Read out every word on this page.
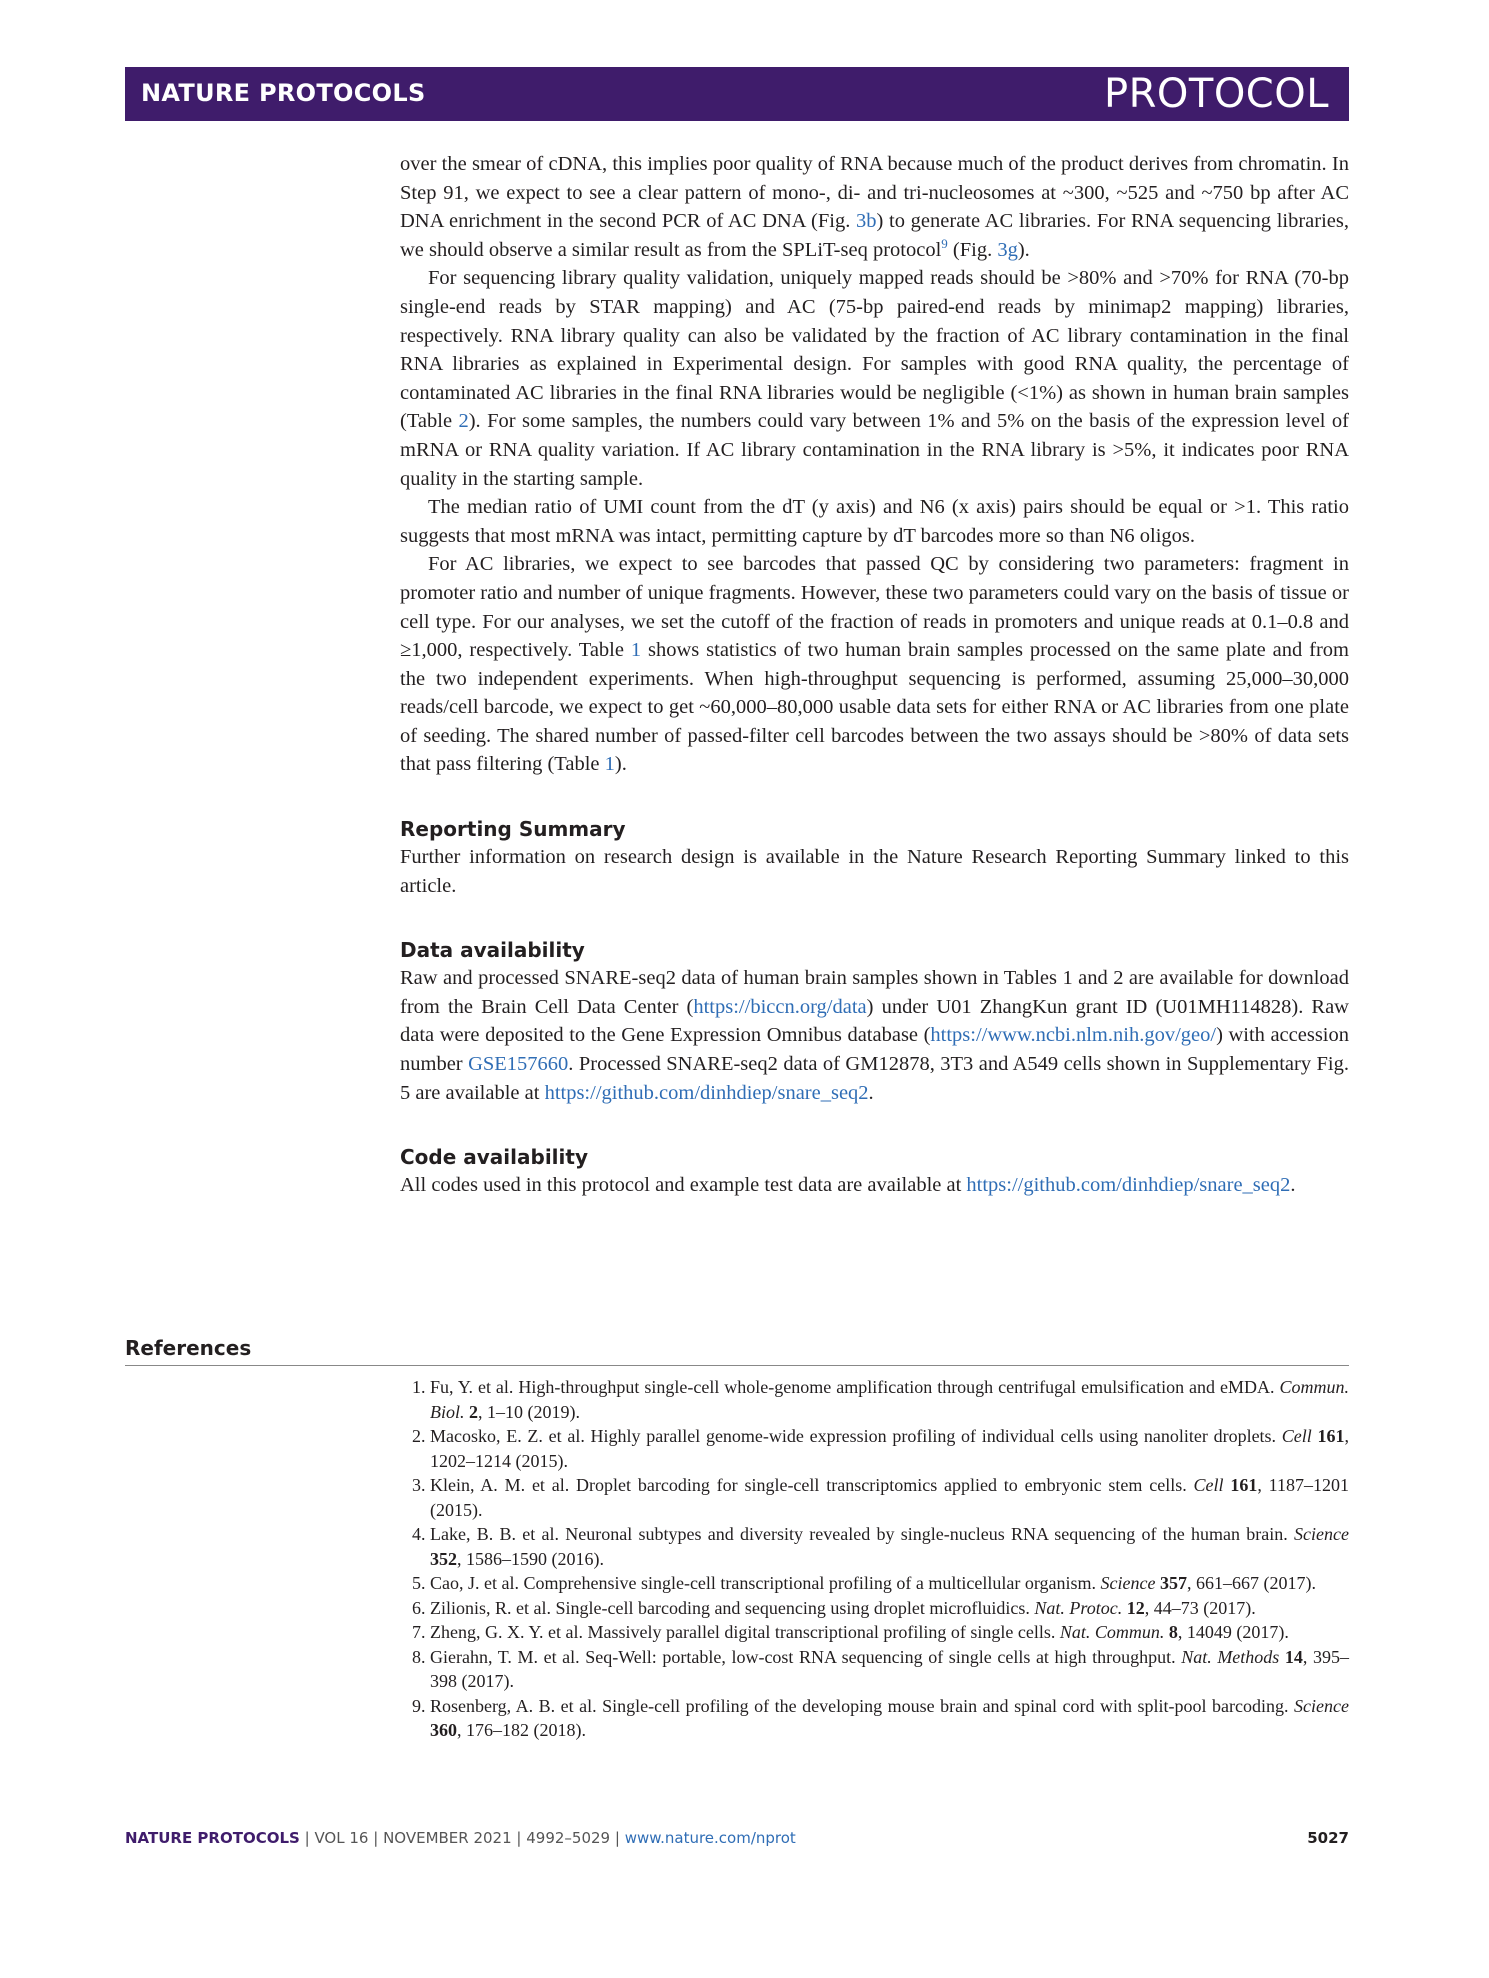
NATURE PROTOCOLS	PROTOCOL

over the smear of cDNA, this implies poor quality of RNA because much of the product derives from chromatin. In Step 91, we expect to see a clear pattern of mono-, di- and tri-nucleosomes at ~300, ~525 and ~750 bp after AC DNA enrichment in the second PCR of AC DNA (Fig. 3b) to generate AC libraries. For RNA sequencing libraries, we should observe a similar result as from the SPLiT-seq protocol$^9$ (Fig. 3g).

For sequencing library quality validation, uniquely mapped reads should be >80% and >70% for RNA (70-bp single-end reads by STAR mapping) and AC (75-bp paired-end reads by minimap2 mapping) libraries, respectively. RNA library quality can also be validated by the fraction of AC library contamination in the final RNA libraries as explained in Experimental design. For samples with good RNA quality, the percentage of contaminated AC libraries in the final RNA libraries would be negligible (<1%) as shown in human brain samples (Table 2). For some samples, the numbers could vary between 1% and 5% on the basis of the expression level of mRNA or RNA quality variation. If AC library contamination in the RNA library is >5%, it indicates poor RNA quality in the starting sample.

The median ratio of UMI count from the dT (y axis) and N6 (x axis) pairs should be equal or >1. This ratio suggests that most mRNA was intact, permitting capture by dT barcodes more so than N6 oligos.

For AC libraries, we expect to see barcodes that passed QC by considering two parameters: fragment in promoter ratio and number of unique fragments. However, these two parameters could vary on the basis of tissue or cell type. For our analyses, we set the cutoff of the fraction of reads in promoters and unique reads at 0.1–0.8 and ≥1,000, respectively. Table 1 shows statistics of two human brain samples processed on the same plate and from the two independent experiments. When high-throughput sequencing is performed, assuming 25,000–30,000 reads/cell barcode, we expect to get ~60,000–80,000 usable data sets for either RNA or AC libraries from one plate of seeding. The shared number of passed-filter cell barcodes between the two assays should be >80% of data sets that pass filtering (Table 1).

Reporting Summary

Further information on research design is available in the Nature Research Reporting Summary linked to this article.

Data availability

Raw and processed SNARE-seq2 data of human brain samples shown in Tables 1 and 2 are available for download from the Brain Cell Data Center (https://biccn.org/data) under U01 ZhangKun grant ID (U01MH114828). Raw data were deposited to the Gene Expression Omnibus database (https://www.ncbi.nlm.nih.gov/geo/) with accession number GSE157660. Processed SNARE-seq2 data of GM12878, 3T3 and A549 cells shown in Supplementary Fig. 5 are available at https://github.com/dinhdiep/snare_seq2.

Code availability

All codes used in this protocol and example test data are available at https://github.com/dinhdiep/snare_seq2.

References
1. Fu, Y. et al. High-throughput single-cell whole-genome amplification through centrifugal emulsification and eMDA. Commun. Biol. 2, 1–10 (2019).
2. Macosko, E. Z. et al. Highly parallel genome-wide expression profiling of individual cells using nanoliter droplets. Cell 161, 1202–1214 (2015).
3. Klein, A. M. et al. Droplet barcoding for single-cell transcriptomics applied to embryonic stem cells. Cell 161, 1187–1201 (2015).
4. Lake, B. B. et al. Neuronal subtypes and diversity revealed by single-nucleus RNA sequencing of the human brain. Science 352, 1586–1590 (2016).
5. Cao, J. et al. Comprehensive single-cell transcriptional profiling of a multicellular organism. Science 357, 661–667 (2017).
6. Zilionis, R. et al. Single-cell barcoding and sequencing using droplet microfluidics. Nat. Protoc. 12, 44–73 (2017).
7. Zheng, G. X. Y. et al. Massively parallel digital transcriptional profiling of single cells. Nat. Commun. 8, 14049 (2017).
8. Gierahn, T. M. et al. Seq-Well: portable, low-cost RNA sequencing of single cells at high throughput. Nat. Methods 14, 395–398 (2017).
9. Rosenberg, A. B. et al. Single-cell profiling of the developing mouse brain and spinal cord with split-pool barcoding. Science 360, 176–182 (2018).
NATURE PROTOCOLS | VOL 16 | NOVEMBER 2021 | 4992–5029 | www.nature.com/nprot	5027
